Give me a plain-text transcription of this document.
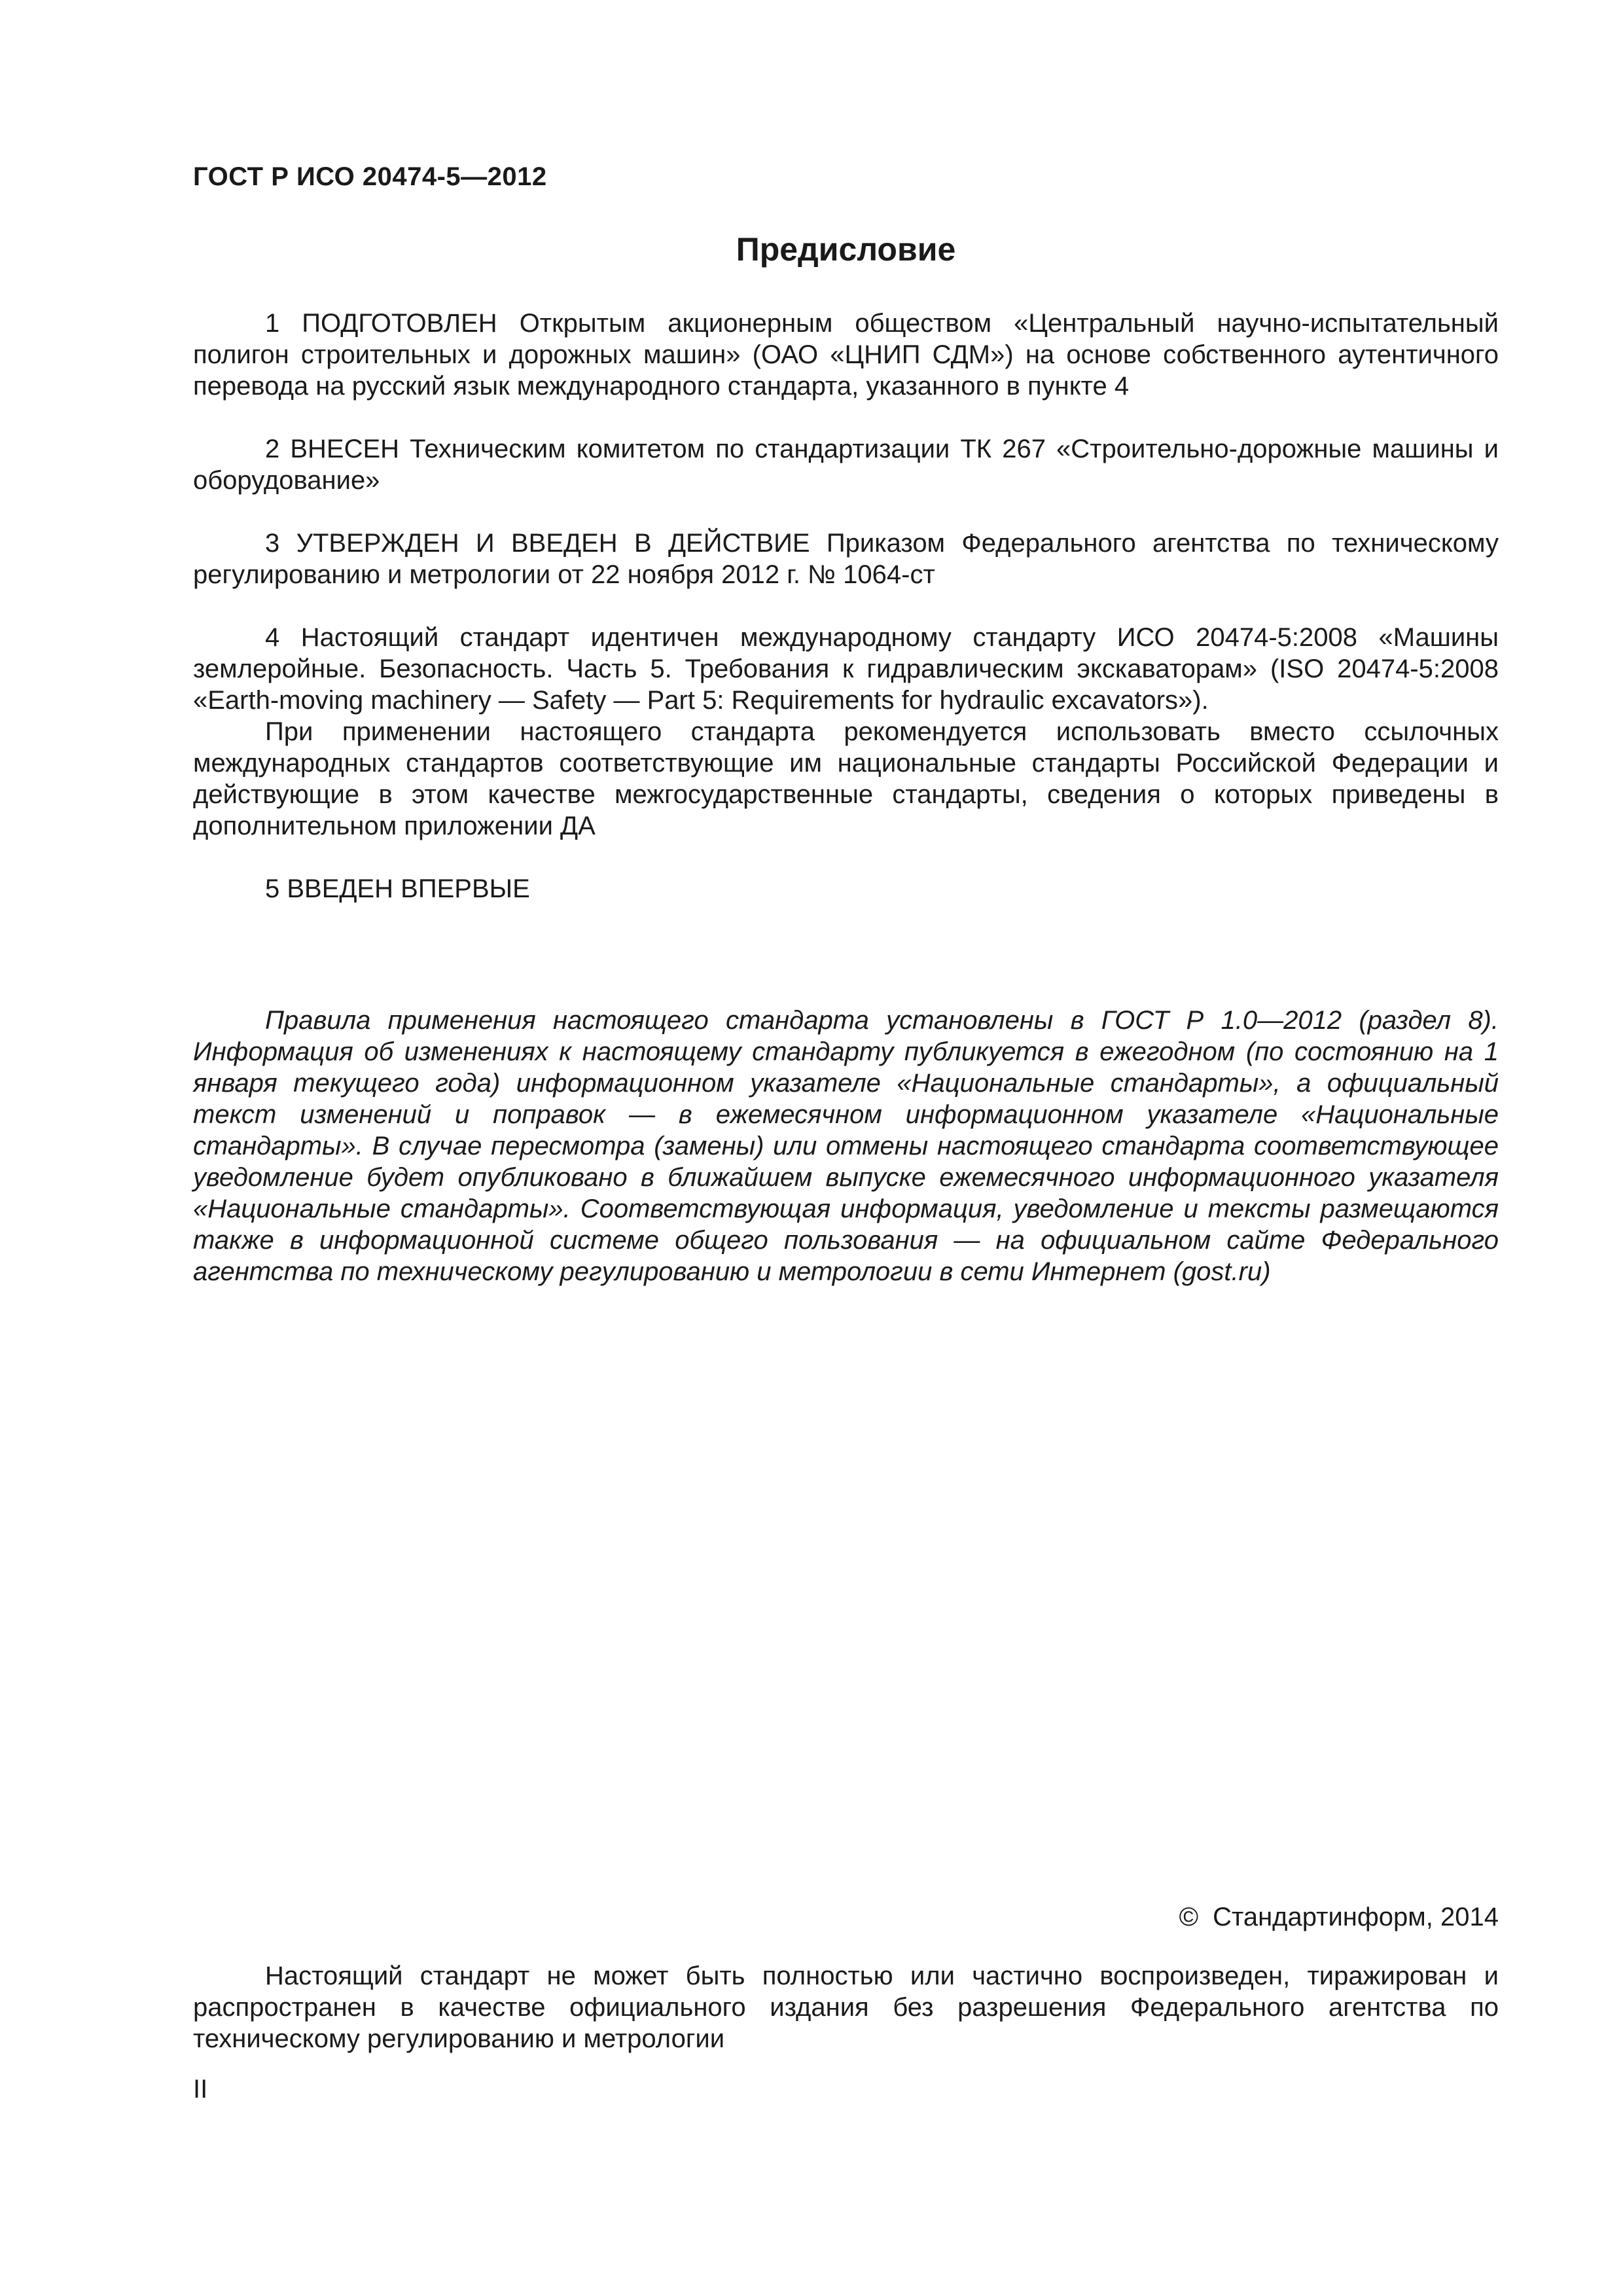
ГОСТ Р ИСО 20474-5—2012
Предисловие

1 ПОДГОТОВЛЕН Открытым акционерным обществом «Центральный научно-испытательный полигон строительных и дорожных машин» (ОАО «ЦНИП СДМ») на основе собственного аутентичного перевода на русский язык международного стандарта, указанного в пункте 4

2 ВНЕСЕН Техническим комитетом по стандартизации ТК 267 «Строительно-дорожные машины и оборудование»

3 УТВЕРЖДЕН И ВВЕДЕН В ДЕЙСТВИЕ Приказом Федерального агентства по техническому регулированию и метрологии от 22 ноября 2012 г. № 1064-ст

4 Настоящий стандарт идентичен международному стандарту ИСО 20474-5:2008 «Машины землеройные. Безопасность. Часть 5. Требования к гидравлическим экскаваторам» (ISO 20474-5:2008 «Earth-moving machinery — Safety — Part 5: Requirements for hydraulic excavators»).

При применении настоящего стандарта рекомендуется использовать вместо ссылочных международных стандартов соответствующие им национальные стандарты Российской Федерации и действующие в этом качестве межгосударственные стандарты, сведения о которых приведены в дополнительном приложении ДА

5 ВВЕДЕН ВПЕРВЫЕ

Правила применения настоящего стандарта установлены в ГОСТ Р 1.0—2012 (раздел 8). Информация об изменениях к настоящему стандарту публикуется в ежегодном (по состоянию на 1 января текущего года) информационном указателе «Национальные стандарты», а официальный текст изменений и поправок — в ежемесячном информационном указателе «Национальные стандарты». В случае пересмотра (замены) или отмены настоящего стандарта соответствующее уведомление будет опубликовано в ближайшем выпуске ежемесячного информационного указателя «Национальные стандарты». Соответствующая информация, уведомление и тексты размещаются также в информационной системе общего пользования — на официальном сайте Федерального агентства по техническому регулированию и метрологии в сети Интернет (gost.ru)

© Стандартинформ, 2014

Настоящий стандарт не может быть полностью или частично воспроизведен, тиражирован и распространен в качестве официального издания без разрешения Федерального агентства по техническому регулированию и метрологии

II
